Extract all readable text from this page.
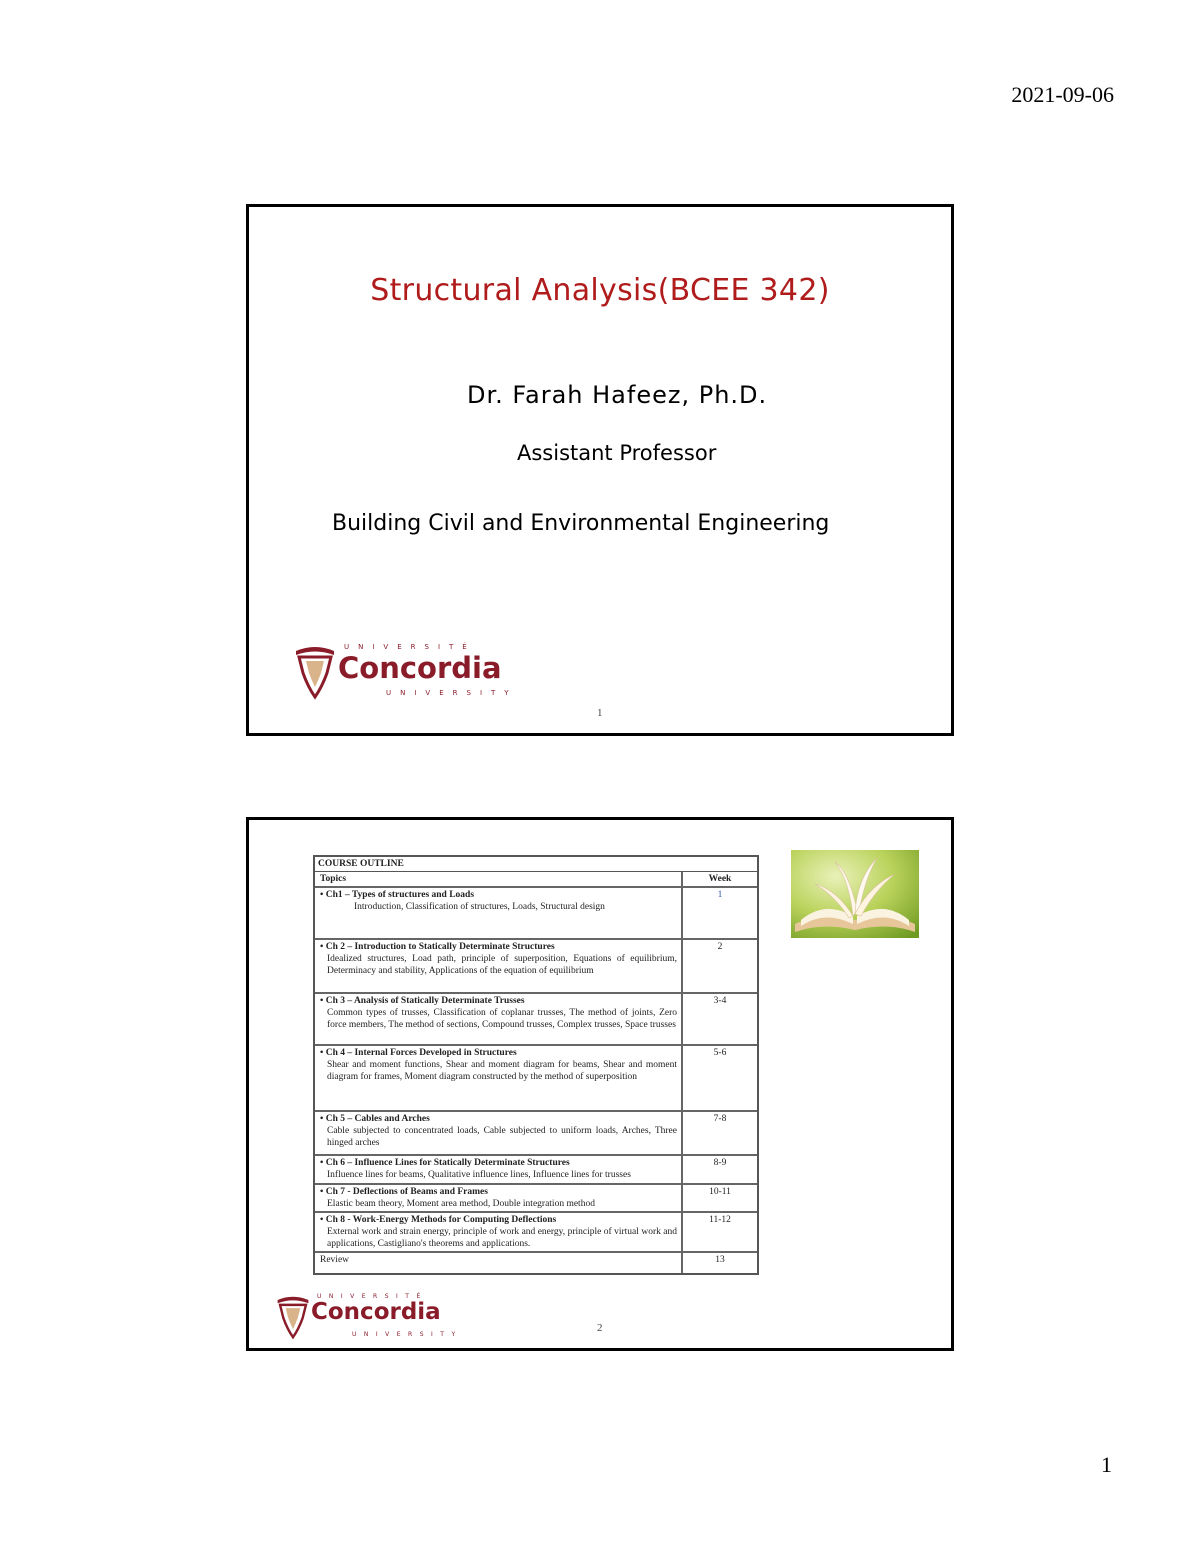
2021-09-06
Structural Analysis(BCEE 342)
Dr. Farah Hafeez, Ph.D.
Assistant Professor
Building Civil and Environmental Engineering
UNIVERSITÉ
Concordia
UNIVERSITY
1
COURSE OUTLINE
Topics	Week
• Ch1 – Types of structures and Loads
Introduction, Classification of structures, Loads, Structural design
1
• Ch 2 – Introduction to Statically Determinate Structures
Idealized structures, Load path, principle of superposition, Equations of equilibrium, Determinacy and stability, Applications of the equation of equilibrium
2
• Ch 3 – Analysis of Statically Determinate Trusses
Common types of trusses, Classification of coplanar trusses, The method of joints, Zero force members, The method of sections, Compound trusses, Complex trusses, Space trusses
3-4
• Ch 4 – Internal Forces Developed in Structures
Shear and moment functions, Shear and moment diagram for beams, Shear and moment diagram for frames, Moment diagram constructed by the method of superposition
5-6
• Ch 5 – Cables and Arches
Cable subjected to concentrated loads, Cable subjected to uniform loads, Arches, Three hinged arches
7-8
• Ch 6 – Influence Lines for Statically Determinate Structures
Influence lines for beams, Qualitative influence lines, Influence lines for trusses
8-9
• Ch 7 - Deflections of Beams and Frames
Elastic beam theory, Moment area method, Double integration method
10-11
• Ch 8 - Work-Energy Methods for Computing Deflections
External work and strain energy, principle of work and energy, principle of virtual work and applications, Castigliano's theorems and applications.
11-12
Review	13
UNIVERSITÉ
Concordia
UNIVERSITY
2
1
